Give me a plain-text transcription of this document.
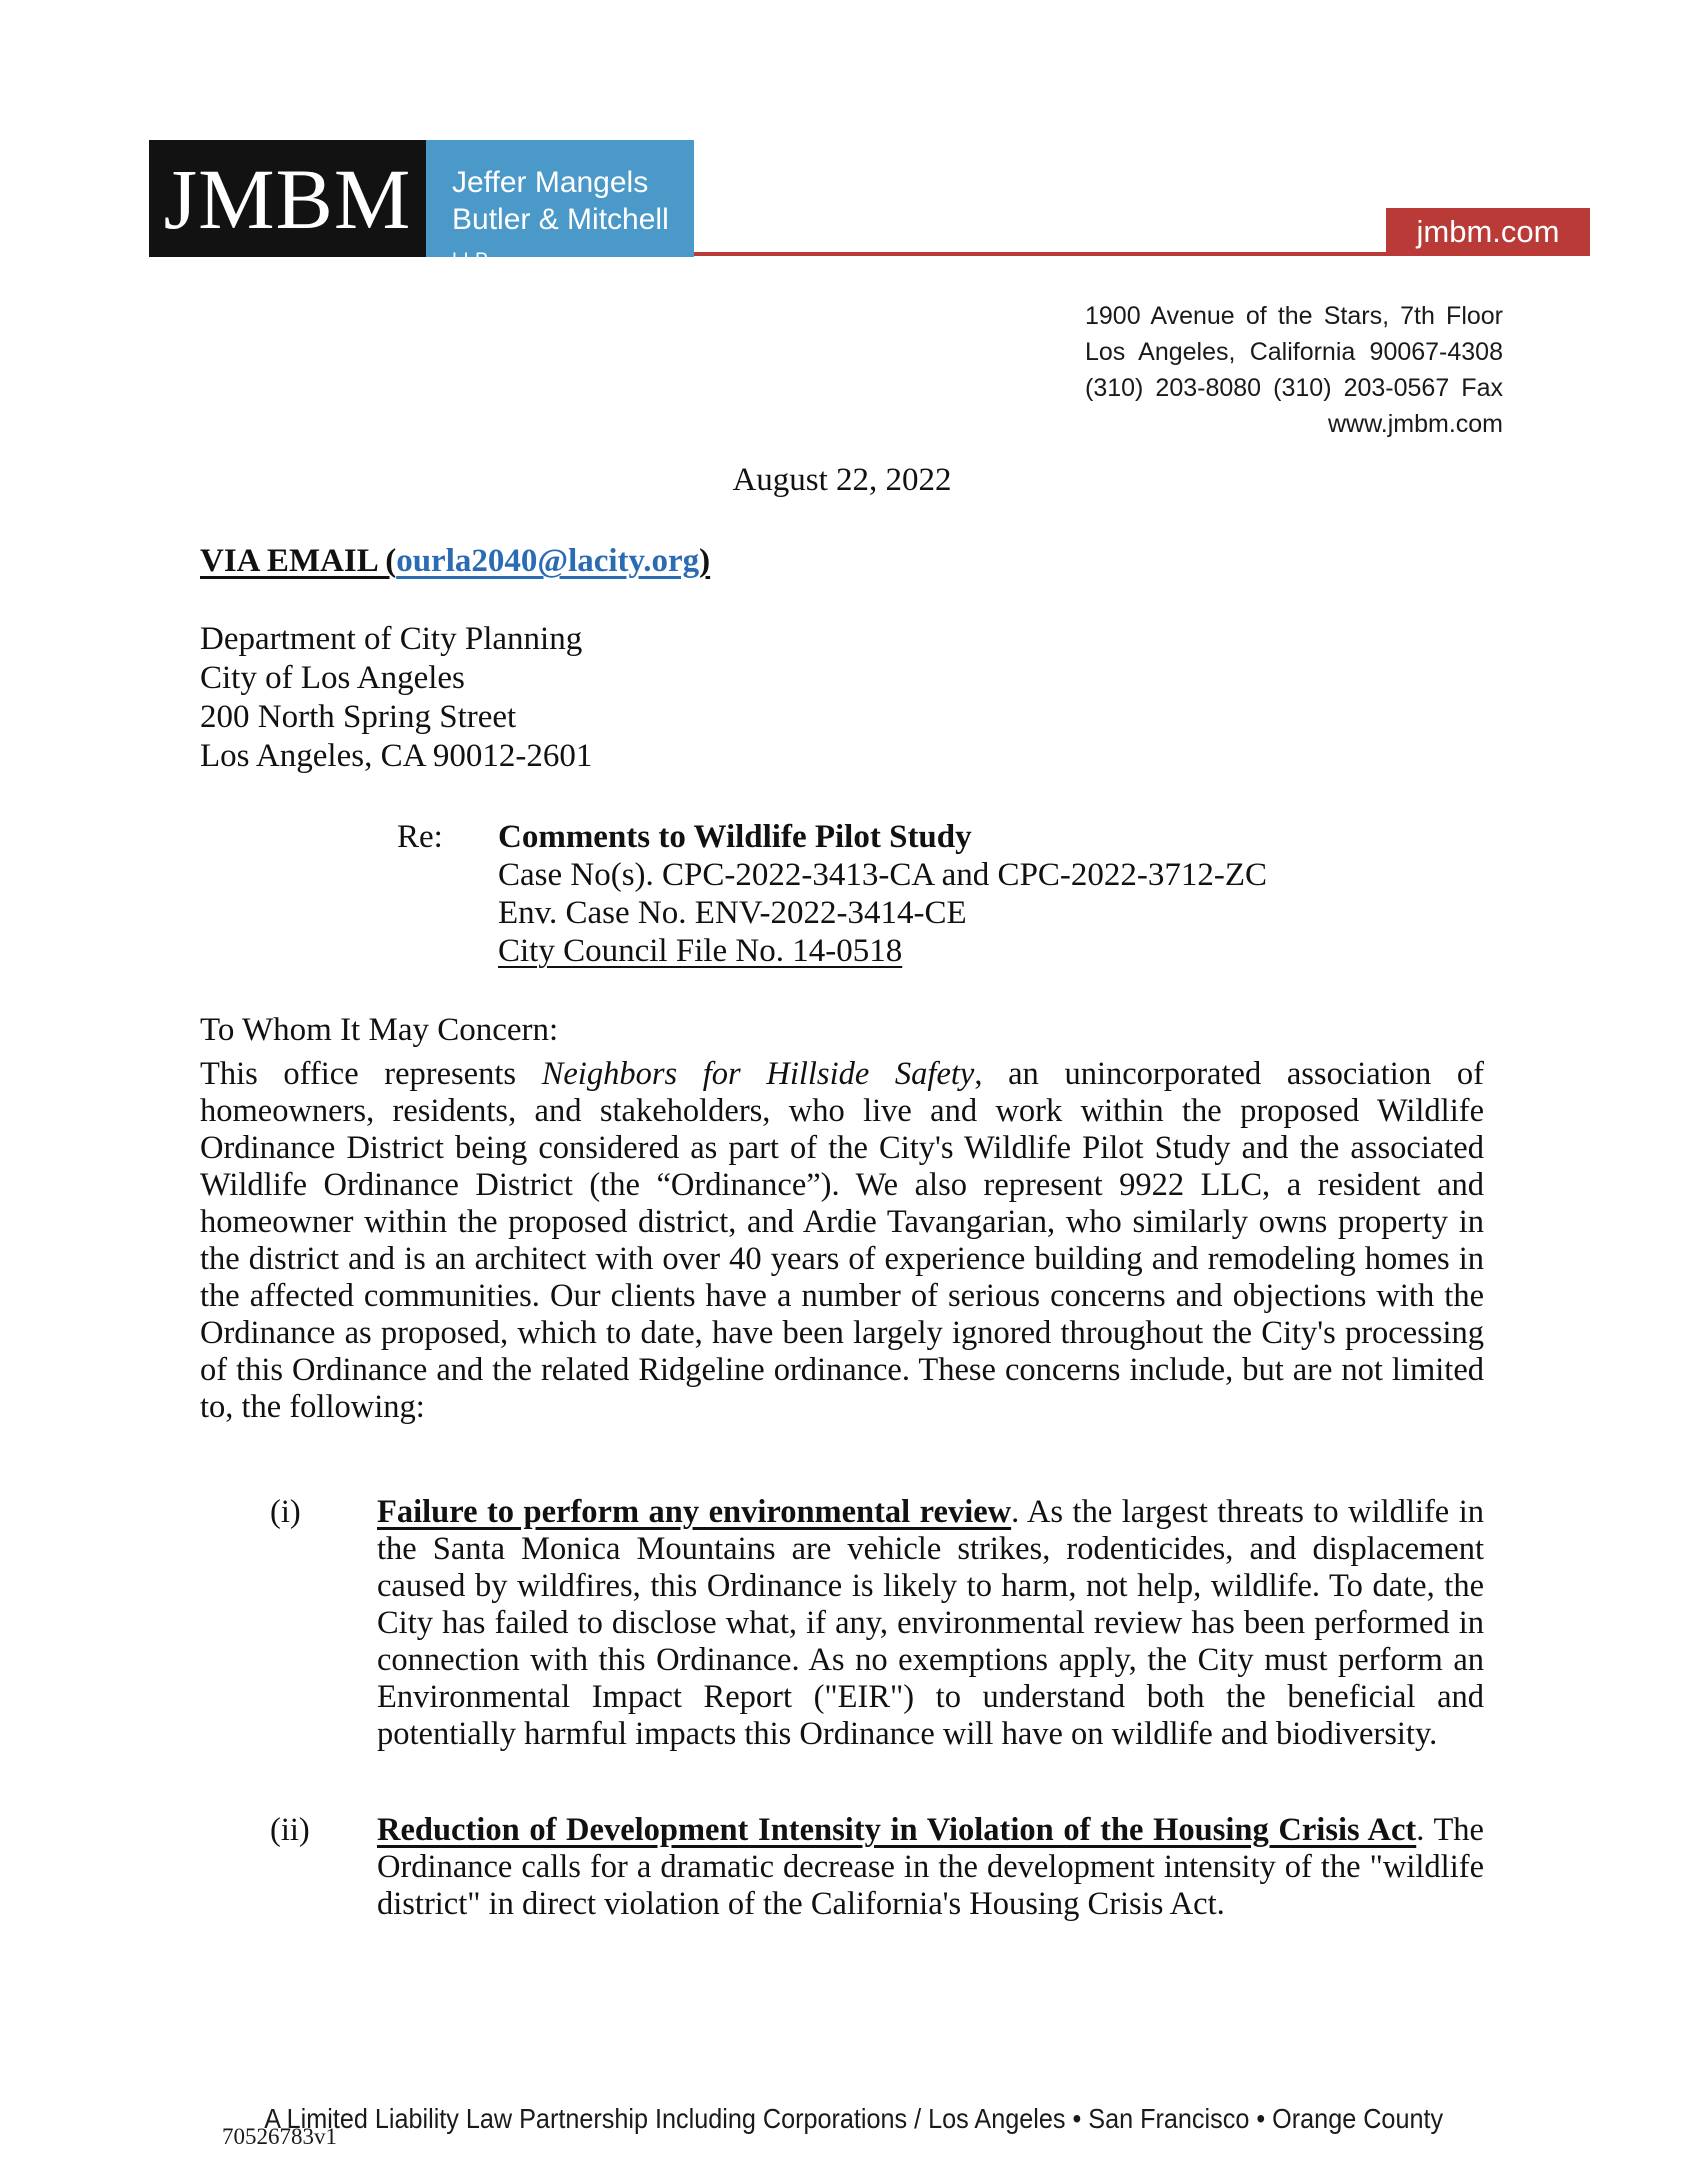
JMBM Jeffer Mangels
Butler & Mitchell LLP
jmbm.com
1900 Avenue of the Stars, 7th Floor
Los Angeles, California 90067-4308
(310) 203-8080 (310) 203-0567 Fax
www.jmbm.com
August 22, 2022
VIA EMAIL (ourla2040@lacity.org)
Department of City Planning
City of Los Angeles
200 North Spring Street
Los Angeles, CA 90012-2601
Re:	Comments to Wildlife Pilot Study
Case No(s). CPC-2022-3413-CA and CPC-2022-3712-ZC
Env. Case No. ENV-2022-3414-CE
City Council File No. 14-0518
To Whom It May Concern:
This office represents Neighbors for Hillside Safety, an unincorporated association of homeowners, residents, and stakeholders, who live and work within the proposed Wildlife Ordinance District being considered as part of the City's Wildlife Pilot Study and the associated Wildlife Ordinance District (the “Ordinance”). We also represent 9922 LLC, a resident and homeowner within the proposed district, and Ardie Tavangarian, who similarly owns property in the district and is an architect with over 40 years of experience building and remodeling homes in the affected communities. Our clients have a number of serious concerns and objections with the Ordinance as proposed, which to date, have been largely ignored throughout the City's processing of this Ordinance and the related Ridgeline ordinance. These concerns include, but are not limited to, the following:
(i) Failure to perform any environmental review. As the largest threats to wildlife in the Santa Monica Mountains are vehicle strikes, rodenticides, and displacement caused by wildfires, this Ordinance is likely to harm, not help, wildlife. To date, the City has failed to disclose what, if any, environmental review has been performed in connection with this Ordinance. As no exemptions apply, the City must perform an Environmental Impact Report ("EIR") to understand both the beneficial and potentially harmful impacts this Ordinance will have on wildlife and biodiversity.
(ii) Reduction of Development Intensity in Violation of the Housing Crisis Act. The Ordinance calls for a dramatic decrease in the development intensity of the "wildlife district" in direct violation of the California's Housing Crisis Act.
A Limited Liability Law Partnership Including Corporations / Los Angeles • San Francisco • Orange County
70526783v1
